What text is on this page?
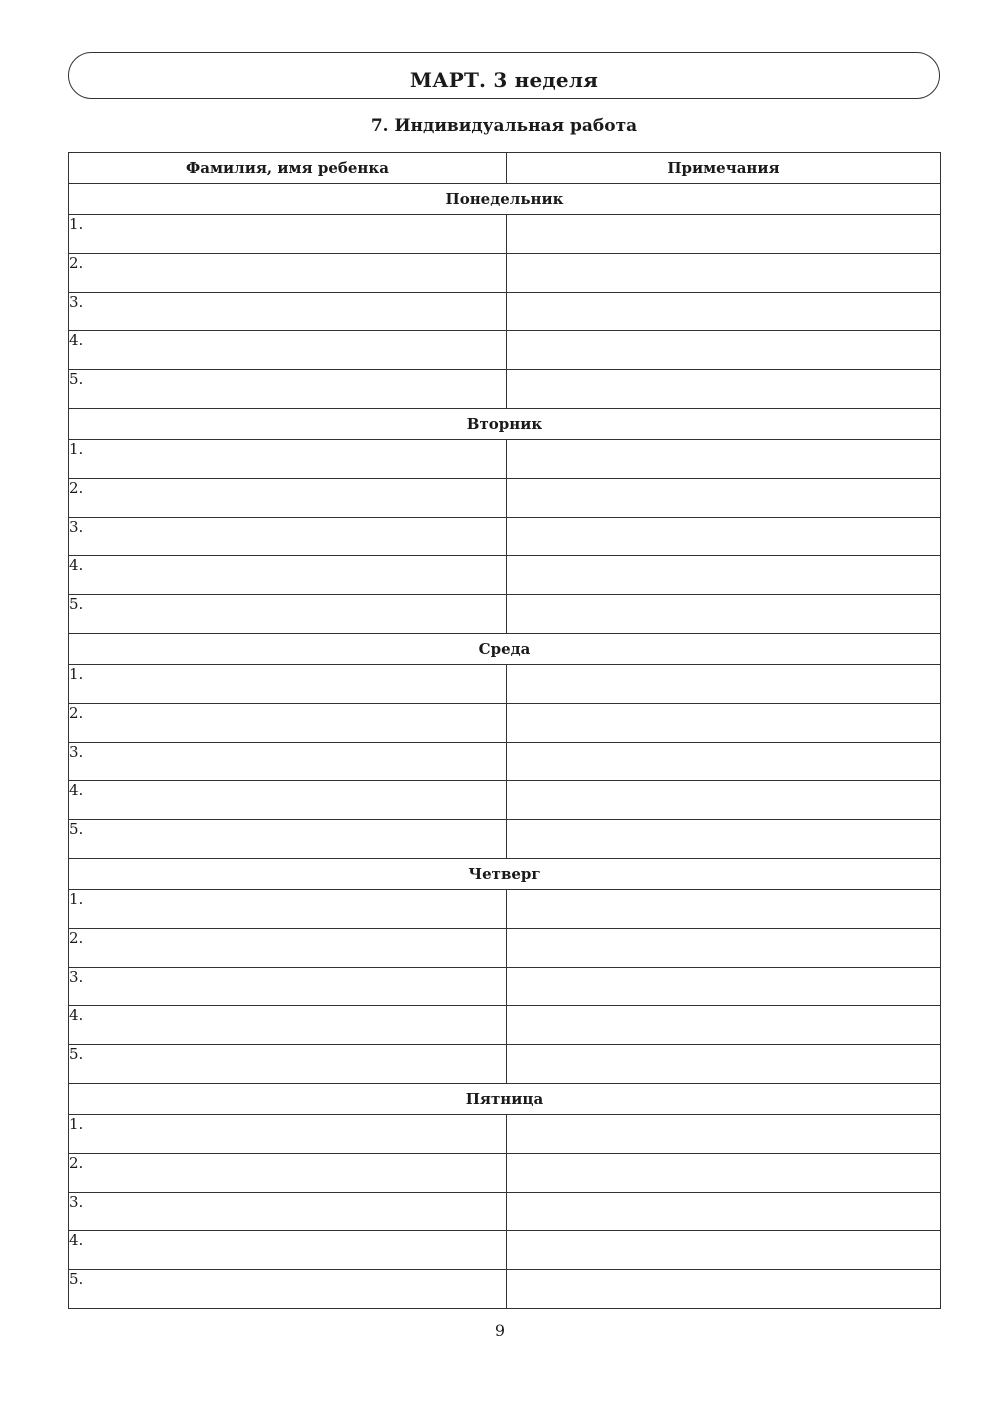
МАРТ. 3 неделя
7. Индивидуальная работа
Фамилия, имя ребенка	Примечания
Понедельник	
1.	
2.	
3.	
4.	
5.	
Вторник	
1.	
2.	
3.	
4.	
5.	
Среда	
1.	
2.	
3.	
4.	
5.	
Четверг	
1.	
2.	
3.	
4.	
5.	
Пятница	
1.	
2.	
3.	
4.	
5.	
9
